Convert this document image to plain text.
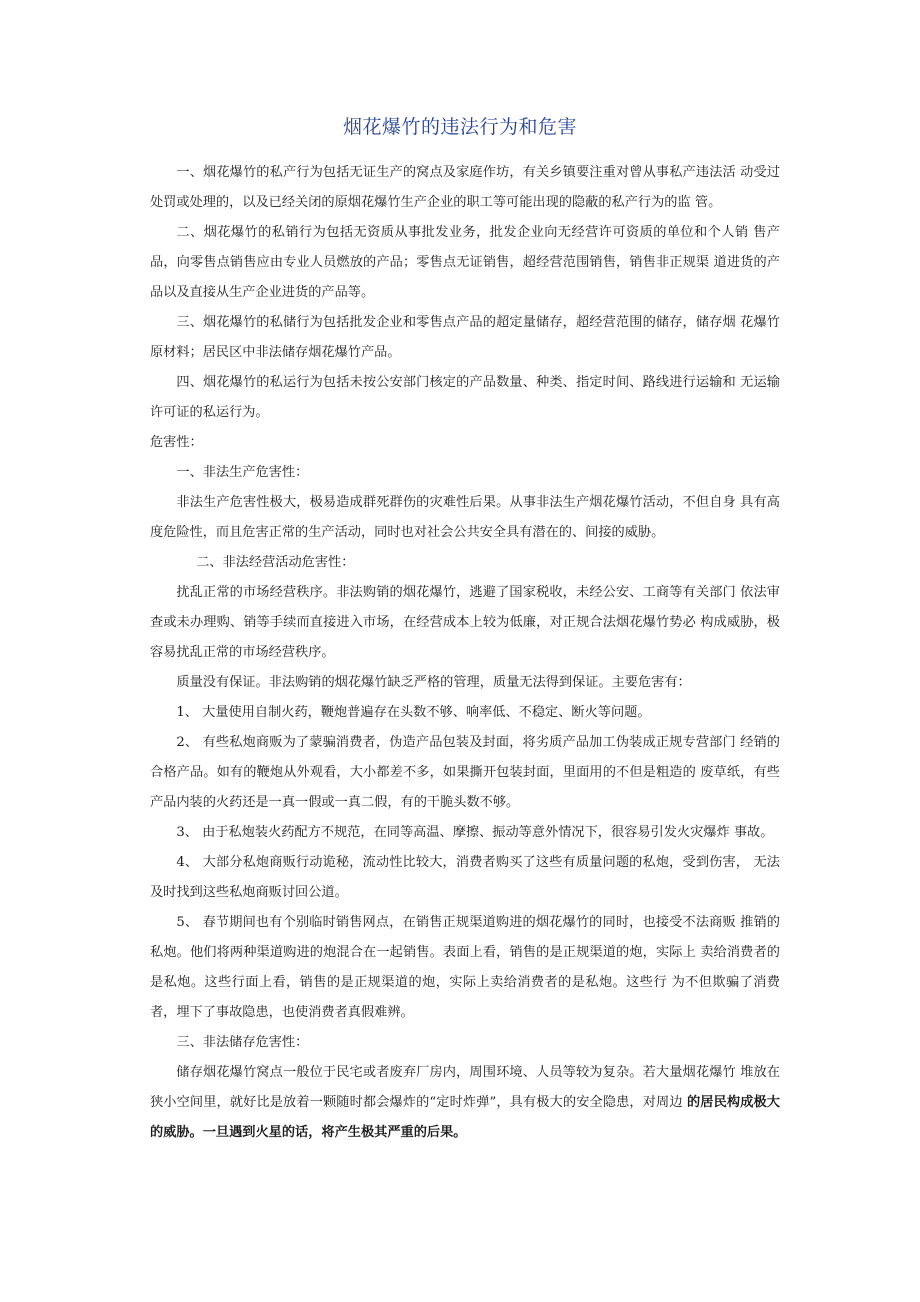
烟花爆竹的违法行为和危害

一、烟花爆竹的私产行为包括无证生产的窝点及家庭作坊，有关乡镇要注重对曾从事私产违法活 动受过处罚或处理的，以及已经关闭的原烟花爆竹生产企业的职工等可能出现的隐蔽的私产行为的监 管。

二、烟花爆竹的私销行为包括无资质从事批发业务，批发企业向无经营许可资质的单位和个人销 售产品，向零售点销售应由专业人员燃放的产品；零售点无证销售，超经营范围销售，销售非正规渠 道进货的产品以及直接从生产企业进货的产品等。

三、烟花爆竹的私储行为包括批发企业和零售点产品的超定量储存，超经营范围的储存，储存烟 花爆竹原材料；居民区中非法储存烟花爆竹产品。

四、烟花爆竹的私运行为包括未按公安部门核定的产品数量、种类、指定时间、路线进行运输和 无运输许可证的私运行为。

危害性：

一、非法生产危害性：

非法生产危害性极大，极易造成群死群伤的灾难性后果。从事非法生产烟花爆竹活动，不但自身 具有高度危险性，而且危害正常的生产活动，同时也对社会公共安全具有潜在的、间接的威胁。

二、非法经营活动危害性：

扰乱正常的市场经营秩序。非法购销的烟花爆竹，逃避了国家税收，未经公安、工商等有关部门 依法审查或未办理购、销等手续而直接进入市场，在经营成本上较为低廉，对正规合法烟花爆竹势必 构成威胁，极容易扰乱正常的市场经营秩序。

质量没有保证。非法购销的烟花爆竹缺乏严格的管理，质量无法得到保证。主要危害有：

1、 大量使用自制火药，鞭炮普遍存在头数不够、响率低、不稳定、断火等问题。

2、 有些私炮商贩为了蒙骗消费者，伪造产品包装及封面，将劣质产品加工伪装成正规专营部门 经销的合格产品。如有的鞭炮从外观看，大小都差不多，如果撕开包装封面，里面用的不但是粗造的 废草纸，有些产品内装的火药还是一真一假或一真二假，有的干脆头数不够。

3、 由于私炮装火药配方不规范，在同等高温、摩擦、振动等意外情况下，很容易引发火灾爆炸 事故。

4、 大部分私炮商贩行动诡秘，流动性比较大，消费者购买了这些有质量问题的私炮，受到伤害， 无法及时找到这些私炮商贩讨回公道。

5、 春节期间也有个别临时销售网点，在销售正规渠道购进的烟花爆竹的同时，也接受不法商贩 推销的私炮。他们将两种渠道购进的炮混合在一起销售。表面上看，销售的是正规渠道的炮，实际上 卖给消费者的是私炮。这些行面上看，销售的是正规渠道的炮，实际上卖给消费者的是私炮。这些行 为不但欺骗了消费者，埋下了事故隐患，也使消费者真假难辨。

三、非法储存危害性：

储存烟花爆竹窝点一般位于民宅或者废弃厂房内，周围环境、人员等较为复杂。若大量烟花爆竹 堆放在狭小空间里，就好比是放着一颗随时都会爆炸的“定时炸弹”，具有极大的安全隐患，对周边 的居民构成极大的威胁。一旦遇到火星的话，将产生极其严重的后果。
